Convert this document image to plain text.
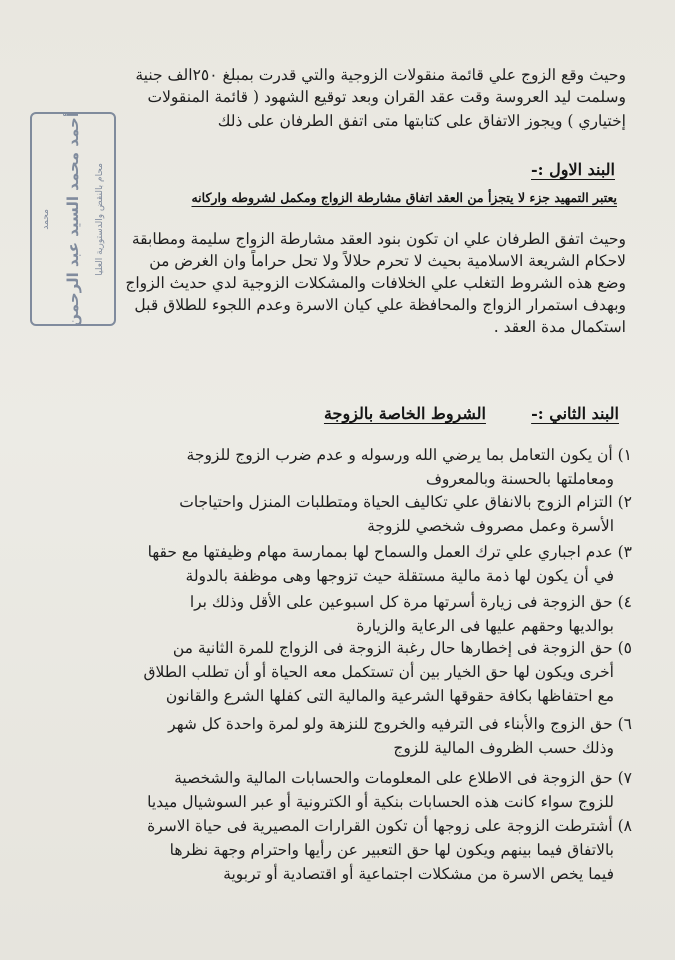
محمد أحمد محمد السيد عبد الرحمن محام بالنقض والدستورية العليا
وحيث وقع الزوج علي قائمة منقولات الزوجية والتي قدرت بمبلغ ٢٥٠الف جنية
وسلمت ليد العروسة وقت عقد القران وبعد توقيع الشهود ( قائمة المنقولات
إختياري ) ويجوز الاتفاق على كتابتها متى اتفق الطرفان على ذلك
البند الاول :-
يعتبر التمهيد جزء لا يتجزأ من العقد اتفاق مشارطة الزواج ومكمل لشروطه واركانه
وحيث اتفق الطرفان علي ان تكون بنود العقد مشارطة الزواج سليمة ومطابقة
لاحكام الشريعة الاسلامية بحيث لا تحرم حلالاً ولا تحل حراماً وان الغرض من
وضع هذه الشروط التغلب علي الخلافات والمشكلات الزوجية لدي حديث الزواج
وبهدف استمرار الزواج والمحافظة علي كيان الاسرة وعدم اللجوء للطلاق قبل
استكمال مدة العقد .
البند الثاني :-  الشروط الخاصة بالزوجة
١) أن يكون التعامل بما يرضي الله ورسوله و عدم ضرب الزوج للزوجة
ومعاملتها بالحسنة وبالمعروف
٢) التزام الزوج بالانفاق علي تكاليف الحياة ومتطلبات المنزل واحتياجات
الأسرة وعمل مصروف شخصي للزوجة
٣) عدم اجباري علي ترك العمل والسماح لها بممارسة مهام وظيفتها مع حقها
في أن يكون لها ذمة مالية مستقلة حيث تزوجها وهى موظفة بالدولة
٤) حق الزوجة فى زيارة أسرتها مرة كل اسبوعين على الأقل وذلك برا
بوالديها وحقهم عليها فى الرعاية والزيارة
٥) حق الزوجة فى إخطارها حال رغبة الزوجة فى الزواج للمرة الثانية من
أخرى ويكون لها حق الخيار بين أن تستكمل معه الحياة أو أن تطلب الطلاق
مع احتفاظها بكافة حقوقها الشرعية والمالية التى كفلها الشرع والقانون
٦) حق الزوج والأبناء فى الترفيه والخروج للنزهة ولو لمرة واحدة كل شهر
وذلك حسب الظروف المالية للزوج
٧) حق الزوجة فى الاطلاع على المعلومات والحسابات المالية والشخصية
للزوج سواء كانت هذه الحسابات بنكية أو الكترونية أو عبر السوشيال ميديا
٨) أشترطت الزوجة على زوجها أن تكون القرارات المصيرية فى حياة الاسرة
بالاتفاق فيما بينهم ويكون لها حق التعبير عن رأيها واحترام وجهة نظرها
فيما يخص الاسرة من مشكلات اجتماعية أو اقتصادية أو تربوية
